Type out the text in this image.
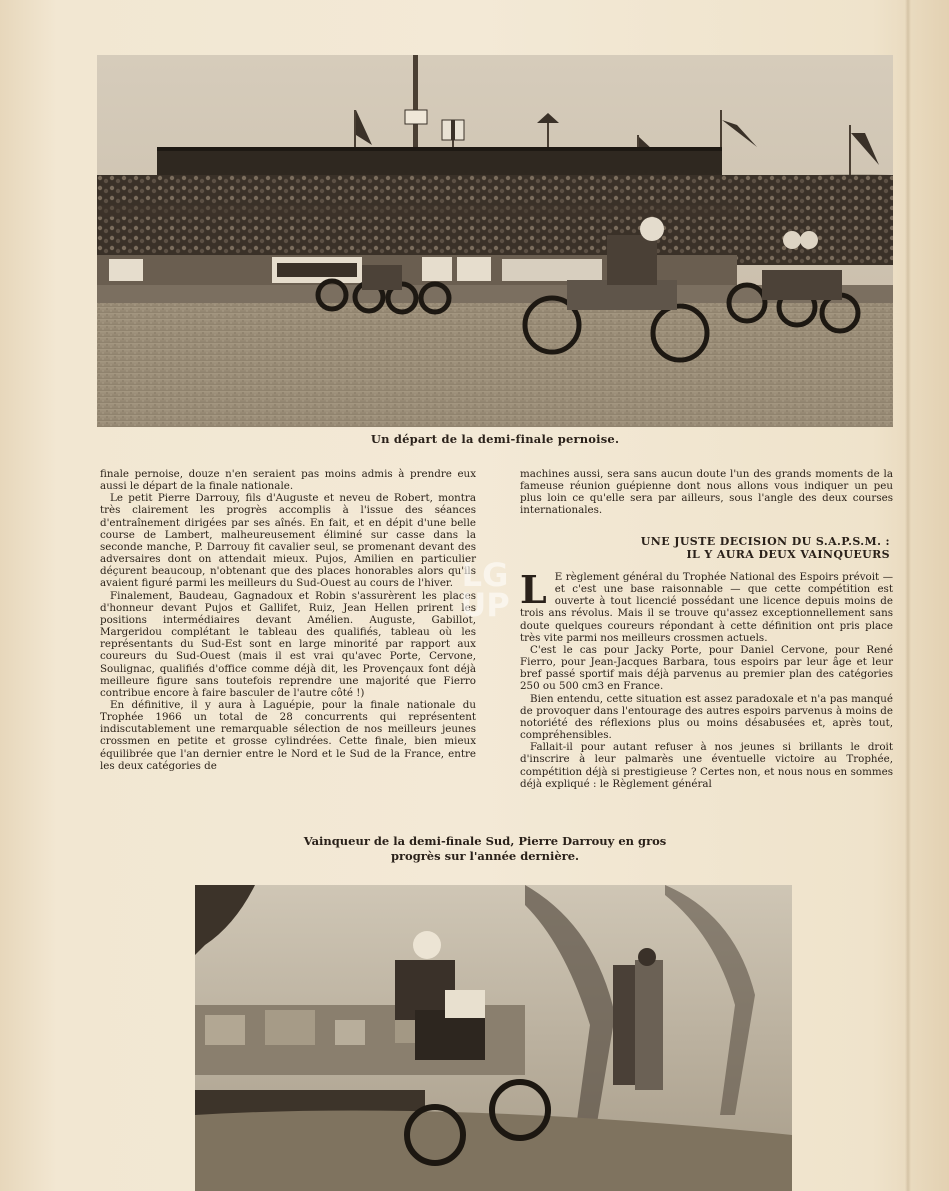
Un départ de la demi-finale pernoise.

finale pernoise, douze n'en seraient pas moins admis à prendre eux aussi le départ de la finale nationale.

Le petit Pierre Darrouy, fils d'Auguste et neveu de Robert, montra très clairement les progrès accomplis à l'issue des séances d'entraînement dirigées par ses aînés. En fait, et en dépit d'une belle course de Lambert, malheureusement éliminé sur casse dans la seconde manche, P. Darrouy fit cavalier seul, se promenant devant des adversaires dont on attendait mieux. Pujos, Amilien en particulier déçurent beaucoup, n'obtenant que des places honorables alors qu'ils avaient figuré parmi les meilleurs du Sud-Ouest au cours de l'hiver.

Finalement, Baudeau, Gagnadoux et Robin s'assurèrent les places d'honneur devant Pujos et Gallifet, Ruiz, Jean Hellen prirent les positions intermédiaires devant Amélien. Auguste, Gabillot, Margeridou complétant le tableau des qualifiés, tableau où les représentants du Sud-Est sont en large minorité par rapport aux coureurs du Sud-Ouest (mais il est vrai qu'avec Porte, Cervone, Soulignac, qualifiés d'office comme déjà dit, les Provençaux font déjà meilleure figure sans toutefois reprendre une majorité que Fierro contribue encore à faire basculer de l'autre côté !)

En définitive, il y aura à Laguépie, pour la finale nationale du Trophée 1966 un total de 28 concurrents qui représentent indiscutablement une remarquable sélection de nos meilleurs jeunes crossmen en petite et grosse cylindrées. Cette finale, bien mieux équilibrée que l'an dernier entre le Nord et le Sud de la France, entre les deux catégories de

machines aussi, sera sans aucun doute l'un des grands moments de la fameuse réunion guépienne dont nous allons vous indiquer un peu plus loin ce qu'elle sera par ailleurs, sous l'angle des deux courses internationales.

UNE JUSTE DECISION DU S.A.P.S.M. :
IL Y AURA DEUX VAINQUEURS

L E règlement général du Trophée National des Espoirs prévoit — et c'est une base raisonnable — que cette compétition est ouverte à tout licencié possédant une licence depuis moins de trois ans révolus. Mais il se trouve qu'assez exceptionnellement sans doute quelques coureurs répondant à cette définition ont pris place très vite parmi nos meilleurs crossmen actuels.

C'est le cas pour Jacky Porte, pour Daniel Cervone, pour René Fierro, pour Jean-Jacques Barbara, tous espoirs par leur âge et leur bref passé sportif mais déjà parvenus au premier plan des catégories 250 ou 500 cm3 en France.

Bien entendu, cette situation est assez paradoxale et n'a pas manqué de provoquer dans l'entourage des autres espoirs parvenus à moins de notoriété des réflexions plus ou moins désabusées et, après tout, compréhensibles.

Fallait-il pour autant refuser à nos jeunes si brillants le droit d'inscrire à leur palmarès une éventuelle victoire au Trophée, compétition déjà si prestigieuse ? Certes non, et nous nous en sommes déjà expliqué : le Règlement général

LG UP
Vainqueur de la demi-finale Sud, Pierre Darrouy en gros
progrès sur l'année dernière.
